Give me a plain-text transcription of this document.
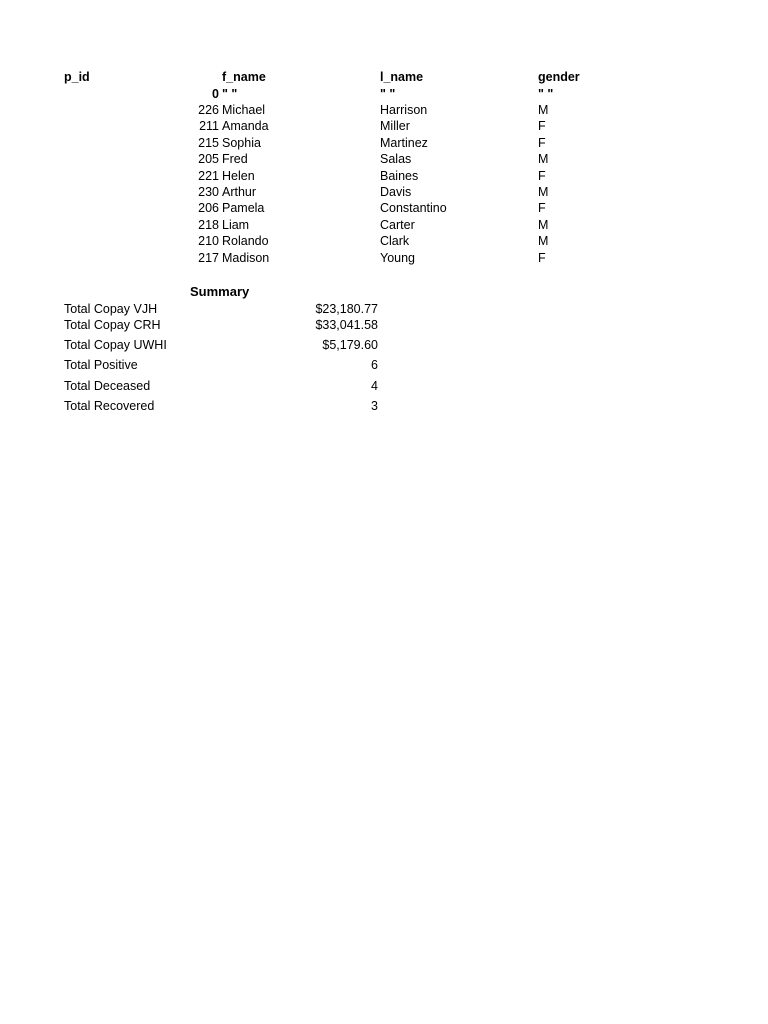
p_id	f_name	l_name	gender
0 " "	" "	" "
226 Michael	Harrison	M
211 Amanda	Miller	F
215 Sophia	Martinez	F
205 Fred	Salas	M
221 Helen	Baines	F
230 Arthur	Davis	M
206 Pamela	Constantino	F
218 Liam	Carter	M
210 Rolando	Clark	M
217 Madison	Young	F
Summary
Total Copay VJH	$23,180.77
Total Copay CRH	$33,041.58
Total Copay UWHI	$5,179.60
Total Positive	6
Total Deceased	4
Total Recovered	3
